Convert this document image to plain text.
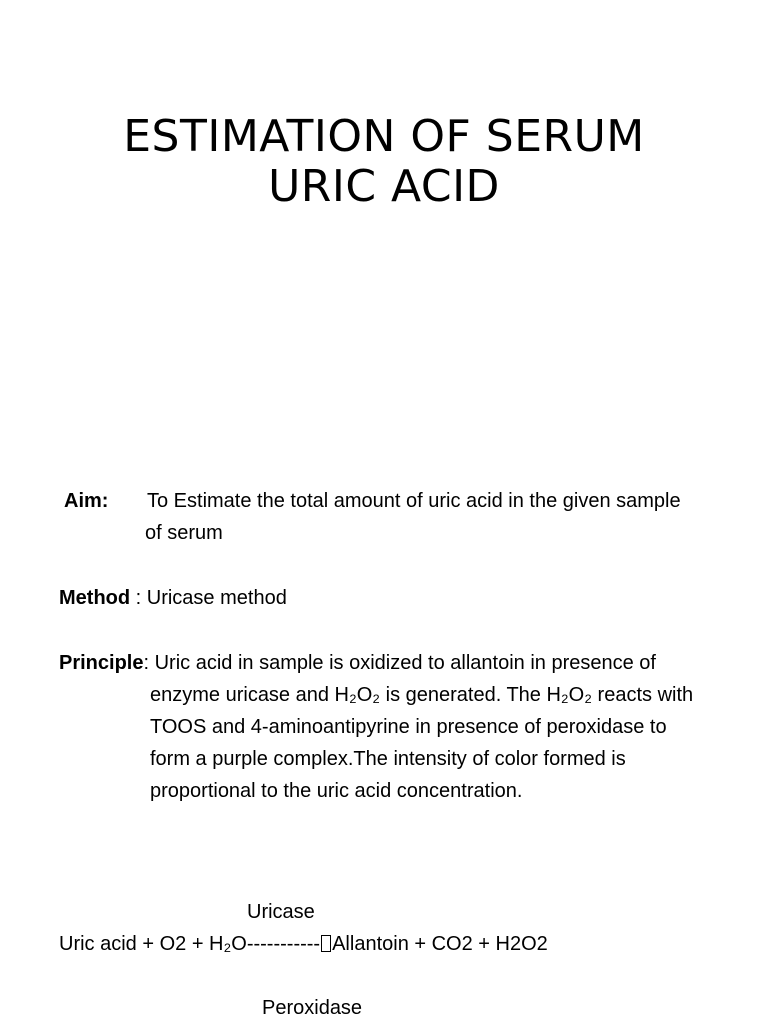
ESTIMATION OF SERUM
URIC ACID
Aim: To Estimate the total amount of uric acid in the given sample
of serum
Method : Uricase method
Principle: Uric acid in sample is oxidized to allantoin in presence of
enzyme uricase and H₂O₂ is generated. The H₂O₂ reacts with
TOOS and 4-aminoantipyrine in presence of peroxidase to
form a purple complex.The intensity of color formed is
proportional to the uric acid concentration.
Uricase
Uric acid + O2 + H₂O----------- Allantoin + CO2 + H2O2
Peroxidase
